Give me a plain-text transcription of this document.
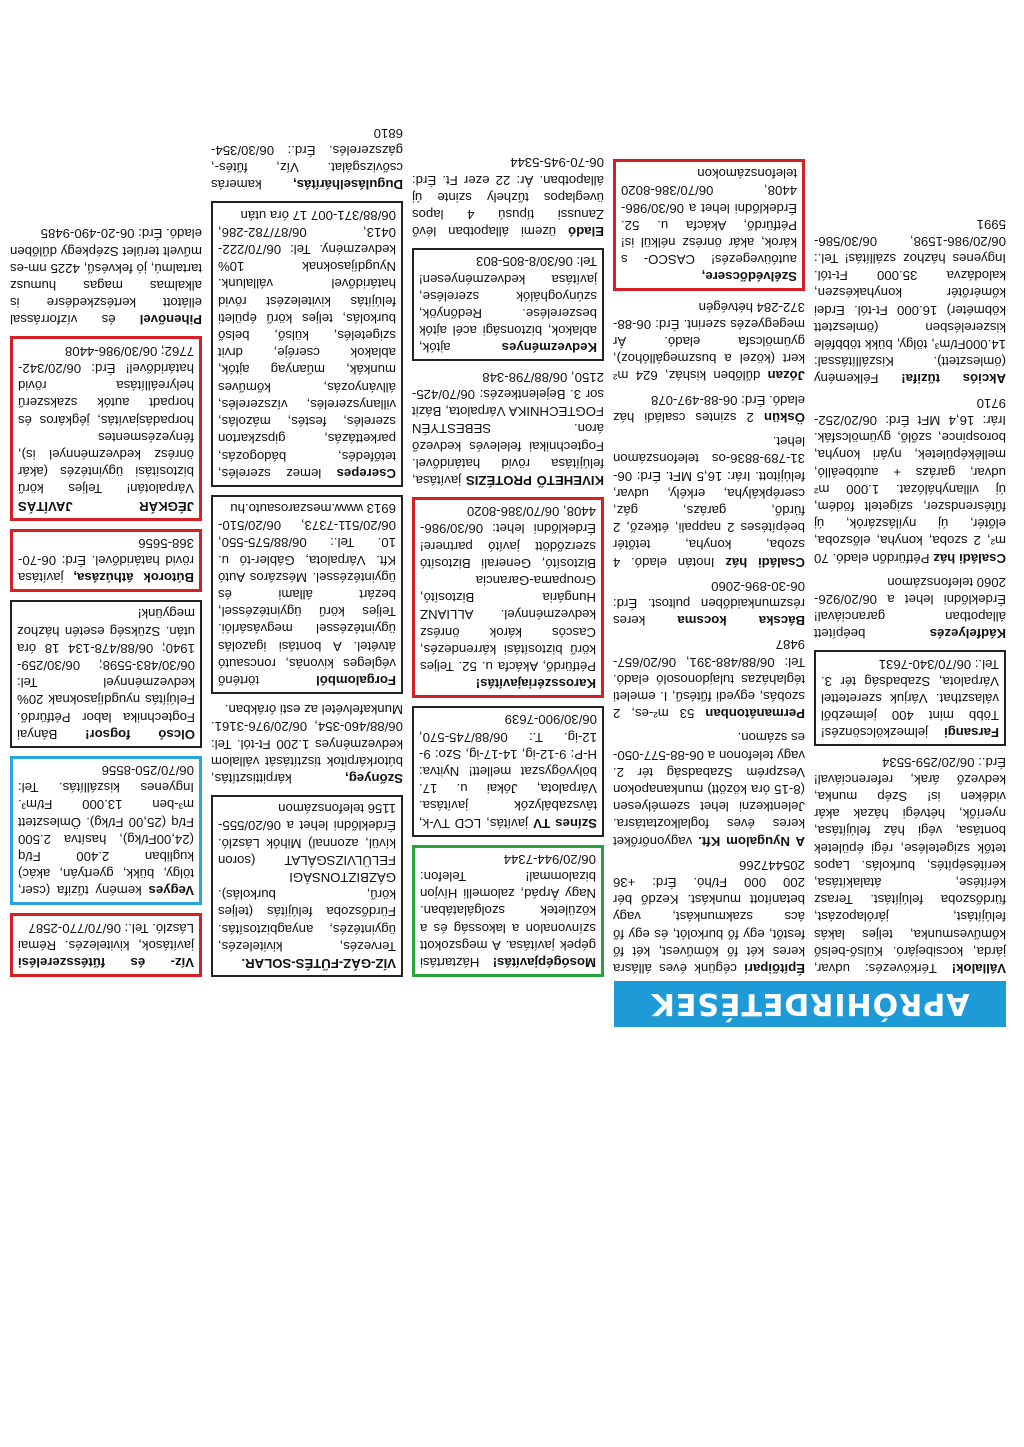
APRÓHIRDETÉSEK
Vállalok! Térkövezés: udvar, járda, kocsibejáró. Külső-belső kőművesmunka, teljes lakás felújítást, járólapozást, fürdőszoba felújítást. Terasz kérítése, átalakítása, kerítésépítés, burkolás. Lapos tetők szigetelése, régi épületek bontása, végi ház felújítása, nyeríők, hétvégi házak akár vidéken is! Szép munka, kedvező árak, referenciával! Érd.: 06/20/259-5534
Farsangi jelmezkölcsönzés! Több mint 400 jelmezből választhat. Várjuk szeretettel Várpalota, Szabadság tér 3. Tel.: 06/70/340-7631
Kádfelyezés beépített állapotban garanciával! Érdeklődni lehet a 06/20/926-2060 telefonszámon
Családi ház Pétfürdőn eladó. 70 m², 2 szoba, konyha, előszoba, előtér, új nyílászárók, új fűtésrendszer, szigetelt födém, új villanyhálózat. 1.000 m² udvar, garázs + autóbeálló, melléképületek, nyári konyha, borospince, szőlő, gyümölcsfák. Irár: 16,4 MFt Érd: 06/20/252-9710
Akciós tűzifa! Félkemény (ömlesztett). Kiszállítással: 14.000Ft/m³, tölgy, bükk többféle kiszerelésben (ömlesztett köbméter) 16.000 Ft-tól. Erdei kőmérőtér konyhakészen, kalodázva 35.000 Ft-tól. Ingyenes házhoz szállítás! Tel.: 06/20/986-1598, 06/30/586-5991
Építőipari cégünk éves állásra keres két fő kőművest, két fő festőt, egy fő burkolót, és egy fő ács szakmunkást, vagy betanított munkást. Kezdő bér 200 000 Ft/hó. Érd: +36 205447266
A Nyugalom Kft. vagyonőrőket keres éves foglalkoztatásra. Jelentkezni lehet személyesen (8-15 óra között) munkanapokon Veszprém Szabadság tér 2. vagy telefonon a 06-88-577-050-es számon.
Permanátonban 53 m²-es, 2 szobás, egyedi fűtésű, I. emeleti téglaházas tulajdonosoló eladó. Tel: 06/88/488-391, 06/20/657-9487
Bácska kocsma keres részmunkaidőben pultost. Érd: 06-30-896-2060
Családi ház Inotán eladó. 4 szoba, konyha, tetőtér beépítéses 2 nappali, étkező, 2 fürdő, garázs, gáz, cserépkályha, erkély, udvar, felújított. Irár: 16,5 MFt. Érd: 06-31-789-8836-os telefonszámon lehet.
Öskün 2 szintes családi ház eladó. Érd: 06-88-497-078
Józan dűlőben kisház, 624 m² kert (közel a buszmegállóhoz), gyümölcsfa eladó. Ár megegyezés szerint. Érd: 06-88-372-284 hétvégén
Szélvédőcsere, autóüvegezés! CASCO- s károk, akár önrész nélkül is! Pétfürdő, Akácfa u. 52. Érdeklődni lehet a 06/30/986-4408, 06/70/386-8020 telefonszámokon
Mosógépjavítás! Háztartási gépek javítása. A megszokott színvonalon a lakosság és a közületek szolgálatában. Nagy Árpád, zalomelli Hívjon bizalommal! Telefon: 06/20/944-7344
Színes TV javítás, LCD TV-k, távszabályzók javítása. Várpalota, Jókai u. 17. bölyvögyszat mellett! Nyitva: H-P: 9-12-ig, 14-17-ig, Szo: 9-12-ig. T.: 06/88/745-570, 06/30/900-7639
Karosszériajavítás! Pétfürdő, Akácfa u. 52. Teljes körű biztosítási kárrendezés, Cascós károk önrész kedvezménnyel. ALLIANZ Hungária Biztosító, Groupama-Garancia Biztosító, Generali Biztosító szerződött javító partnere! Érdeklődni lehet: 06/30/986-4408, 06/70/386-8020
KIVEHETŐ PROTÉZIS javítása, felújítása rövid határidővel. Fogtechnikai felelevés kedvező áron. SEBESTYÉN FOGTECHNIKA Várpalota, Bázit sor 3. Bejelentkezés: 06/70/425-2150, 06/88/798-348
Kedvezményes ajtók, ablakok, biztonsági acél ajtók beszerelése. Redőnyök, szúnyoghálók szerelése, javítása kedvezményesen! Tel: 06/30/8-805-803
Eladó üzemi állapotban lévő Zanussi típusú 4 lapos üveglapos tűzhely szinte új állapotban. Ár: 22 ezer Ft. Érd: 06-70-945-5344
VÍZ-GÁZ-FŰTÉS-SOLAR. Tervezés, kivitelezés, ügyintézés, anyagbiztosítás. Fürdőszoba felújítás (teljes körű, burkolás). GÁZBIZTONSÁGI FELÜLVIZSGÁLAT (soron kívül, azonnal) Mihók László. Érdeklődni lehet a 06/20/555-1156 telefonszámon
Szőnyeg, kárpittisztítás, bútorkárpitok tisztítását vállalom kedvezményes 1.200 Ft-tól. Tel: 06/88/460-354, 06/20/976-3161. Munkafelvétel az esti órákban.
Forgalomból történő végleges kivonás, roncsautó átvétel. A bontási igazolás ügyintézéssel megvásárlói. Teljes körű ügyintézéssel, bezárt állami és ügyintézéssel. Mészáros Autó Kft. Várpalota, Gábler-tó u. 10. Tel.: 06/88/575-550, 06/20/511-7373, 06/20/510-6913 www.meszarosauto.hu
Cserepes lemez szerelés, tetőfedés, bádogozás, parkettázás, gipszkarton szerelés, festés, mázolás, villanyszerelés, vízszerelés, állványozás, kőműves munkák, műanyag ajtók, ablakok cseréje, drvit szigetelés, külső, belső burkolás, teljes körű épületi felújítás kivitelezést rövid határidővel vállalunk. Nyugdíjasoknak 10% kedvezmény. Tel: 06/70/222-0413, 06/87/782-286, 06/88/371-007 17 óra után
Duguláselhárítás, kamerás csővizsgálat. Víz, fűtés-, gázszerelés. Érd.: 06/30/354-6810
Víz- és fűtésszerelési javítások, kivitelezés. Rémai László. Tel.: 06/70/770-2587
Vegyes kemény tűzifa (cser, tölgy, bükk, gyertyán, akác) kugliban 2.400 Ft/q (24,00Ft/kg), hasítva 2.500 Ft/q (25,00 Ft/kg). Ömlesztett m³-ben 13.000 Ft/m³. Ingyenes kiszállítás. Tel: 06/70/250-8556
Olcsó fogsor! Bányai Fogtechnika labor Pétfürdő. Felújítás nyugdíjasoknak 20% kedvezménnyel Tel: 06/30/483-5598; 06/30/259-1940; 06/88/478-134 18 óra után. Szükség esetén házhoz megyünk!
Bútorok áthúzása, javítása rövid határidővel. Érd: 06-70-368-5656
JÉGKÁR JAVÍTÁS Várpalotán! Teljes körű biztosítási ügyintézés (akár önrész kedvezménnyel is), fényezésmentes horpadásjavítás, jégkáros és horpadt autók szakszerű helyreállítása rövid határidővel! Érd: 06/20/342-7762; 06/30/986-4408
Pihenővel és vízforrással ellátott kertészkedésre is alkalmas magas humusz tartalmú, jó fekvésű, 4225 nm-es művelt terület Szépkegy dűlőben eladó. Érd: 06-20-490-9485
